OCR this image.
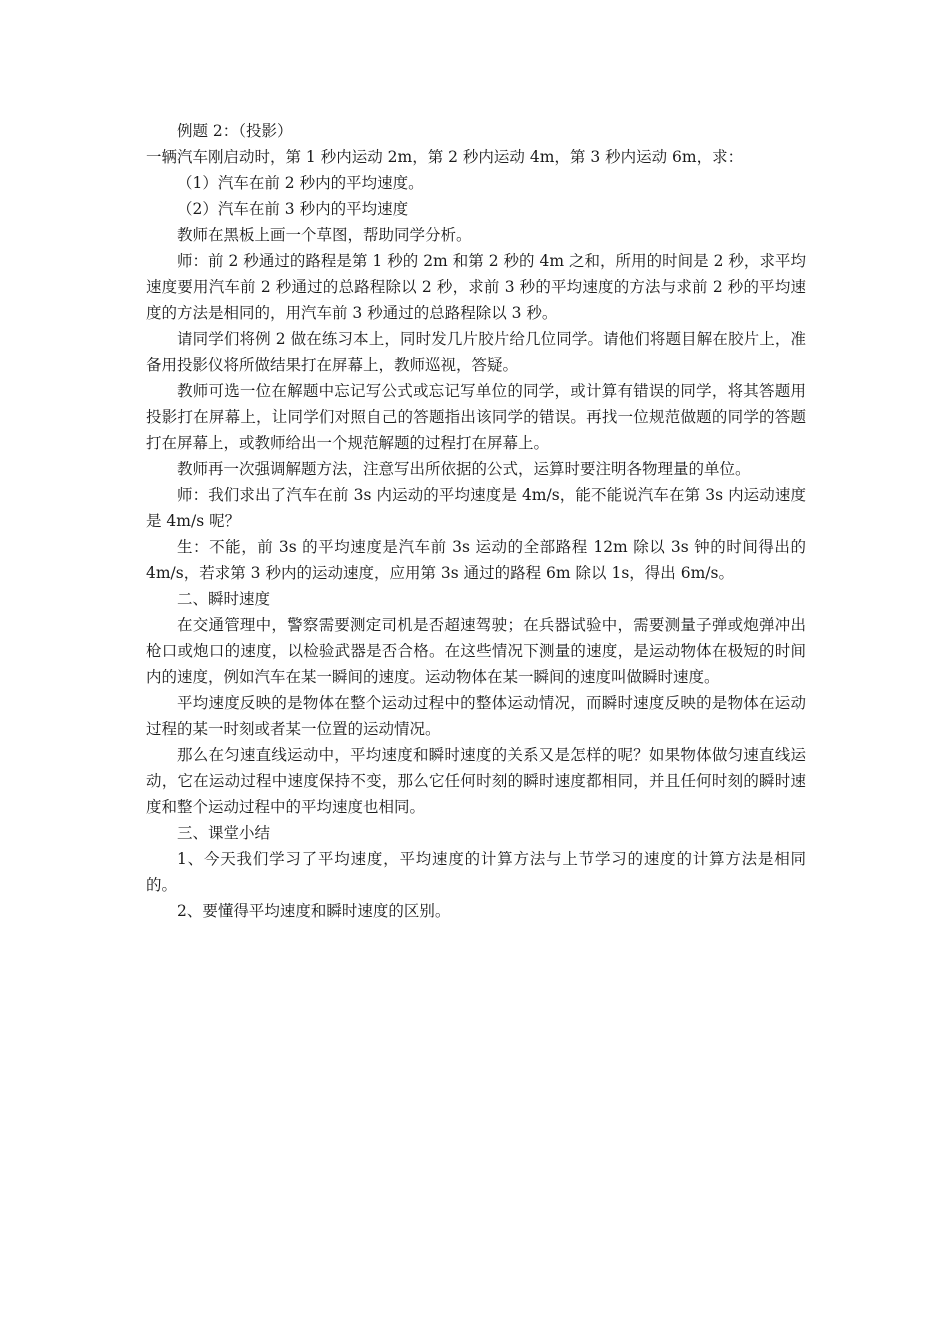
例题 2：（投影）

一辆汽车刚启动时，第 1 秒内运动 2m，第 2 秒内运动 4m，第 3 秒内运动 6m，求：

（1）汽车在前 2 秒内的平均速度。

（2）汽车在前 3 秒内的平均速度

教师在黑板上画一个草图，帮助同学分析。

师：前 2 秒通过的路程是第 1 秒的 2m 和第 2 秒的 4m 之和，所用的时间是 2 秒，求平均速度要用汽车前 2 秒通过的总路程除以 2 秒，求前 3 秒的平均速度的方法与求前 2 秒的平均速度的方法是相同的，用汽车前 3 秒通过的总路程除以 3 秒。

请同学们将例 2 做在练习本上，同时发几片胶片给几位同学。请他们将题目解在胶片上，准备用投影仪将所做结果打在屏幕上，教师巡视，答疑。

教师可选一位在解题中忘记写公式或忘记写单位的同学，或计算有错误的同学，将其答题用投影打在屏幕上，让同学们对照自己的答题指出该同学的错误。再找一位规范做题的同学的答题打在屏幕上，或教师给出一个规范解题的过程打在屏幕上。

教师再一次强调解题方法，注意写出所依据的公式，运算时要注明各物理量的单位。

师：我们求出了汽车在前 3s 内运动的平均速度是 4m/s，能不能说汽车在第 3s 内运动速度是 4m/s 呢？

生：不能，前 3s 的平均速度是汽车前 3s 运动的全部路程 12m 除以 3s 钟的时间得出的 4m/s，若求第 3 秒内的运动速度，应用第 3s 通过的路程 6m 除以 1s，得出 6m/s。

二、瞬时速度

在交通管理中，警察需要测定司机是否超速驾驶；在兵器试验中，需要测量子弹或炮弹冲出枪口或炮口的速度，以检验武器是否合格。在这些情况下测量的速度，是运动物体在极短的时间内的速度，例如汽车在某一瞬间的速度。运动物体在某一瞬间的速度叫做瞬时速度。

平均速度反映的是物体在整个运动过程中的整体运动情况，而瞬时速度反映的是物体在运动过程的某一时刻或者某一位置的运动情况。

那么在匀速直线运动中，平均速度和瞬时速度的关系又是怎样的呢？如果物体做匀速直线运动，它在运动过程中速度保持不变，那么它任何时刻的瞬时速度都相同，并且任何时刻的瞬时速度和整个运动过程中的平均速度也相同。

三、课堂小结

1、今天我们学习了平均速度，平均速度的计算方法与上节学习的速度的计算方法是相同的。

2、要懂得平均速度和瞬时速度的区别。
